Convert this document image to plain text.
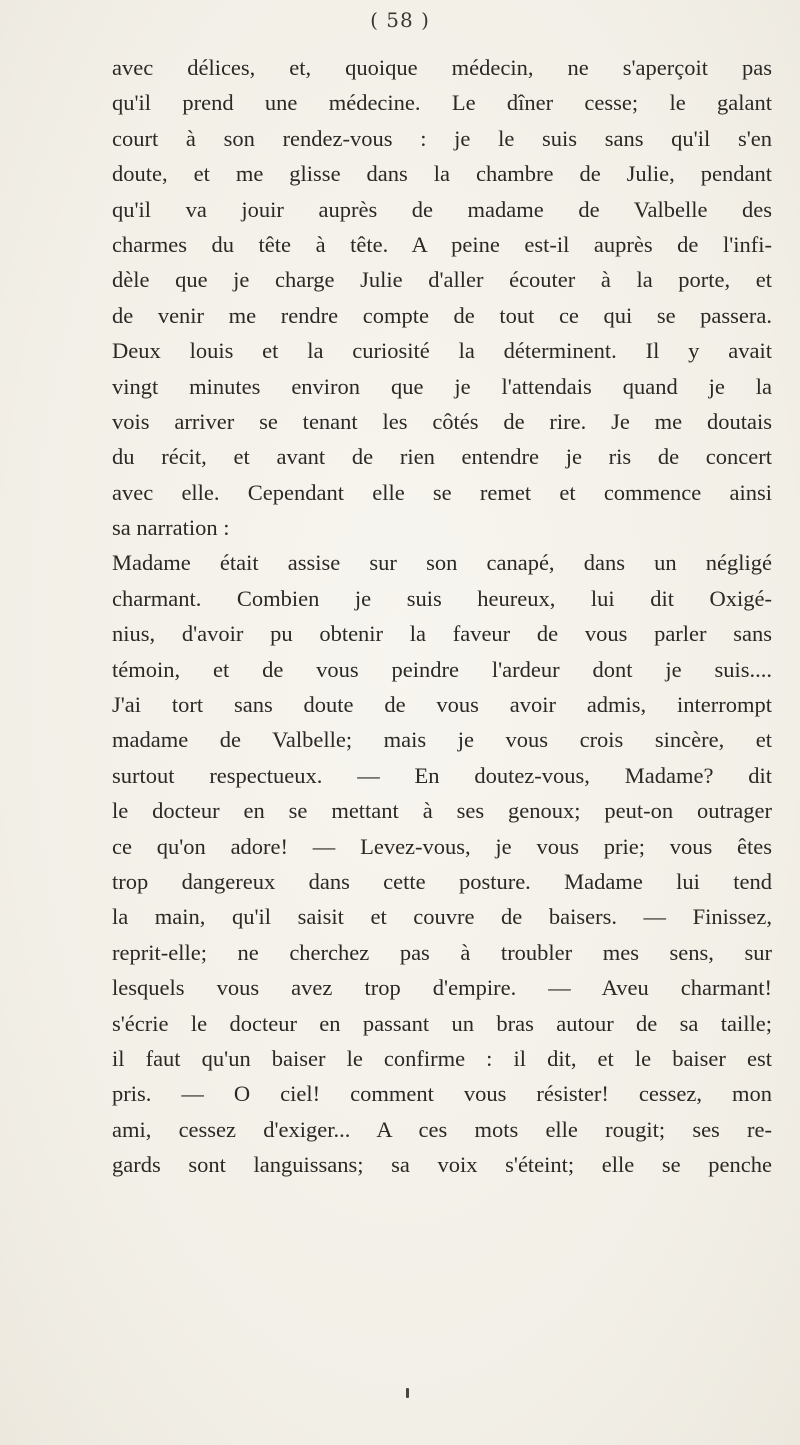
( 58 )
avec délices, et, quoique médecin, ne s'aperçoit pas
qu'il prend une médecine. Le dîner cesse; le galant
court à son rendez-vous : je le suis sans qu'il s'en
doute, et me glisse dans la chambre de Julie, pendant
qu'il va jouir auprès de madame de Valbelle des
charmes du tête à tête. A peine est-il auprès de l'infi-
dèle que je charge Julie d'aller écouter à la porte, et
de venir me rendre compte de tout ce qui se passera.
Deux louis et la curiosité la déterminent. Il y avait
vingt minutes environ que je l'attendais quand je la
vois arriver se tenant les côtés de rire. Je me doutais
du récit, et avant de rien entendre je ris de concert
avec elle. Cependant elle se remet et commence ainsi
sa narration :
Madame était assise sur son canapé, dans un négligé
charmant. Combien je suis heureux, lui dit Oxigé-
nius, d'avoir pu obtenir la faveur de vous parler sans
témoin, et de vous peindre l'ardeur dont je suis....
J'ai tort sans doute de vous avoir admis, interrompt
madame de Valbelle; mais je vous crois sincère, et
surtout respectueux. — En doutez-vous, Madame? dit
le docteur en se mettant à ses genoux; peut-on outrager
ce qu'on adore! — Levez-vous, je vous prie; vous êtes
trop dangereux dans cette posture. Madame lui tend
la main, qu'il saisit et couvre de baisers. — Finissez,
reprit-elle; ne cherchez pas à troubler mes sens, sur
lesquels vous avez trop d'empire. — Aveu charmant!
s'écrie le docteur en passant un bras autour de sa taille;
il faut qu'un baiser le confirme : il dit, et le baiser est
pris. — O ciel! comment vous résister! cessez, mon
ami, cessez d'exiger... A ces mots elle rougit; ses re-
gards sont languissans; sa voix s'éteint; elle se penche
